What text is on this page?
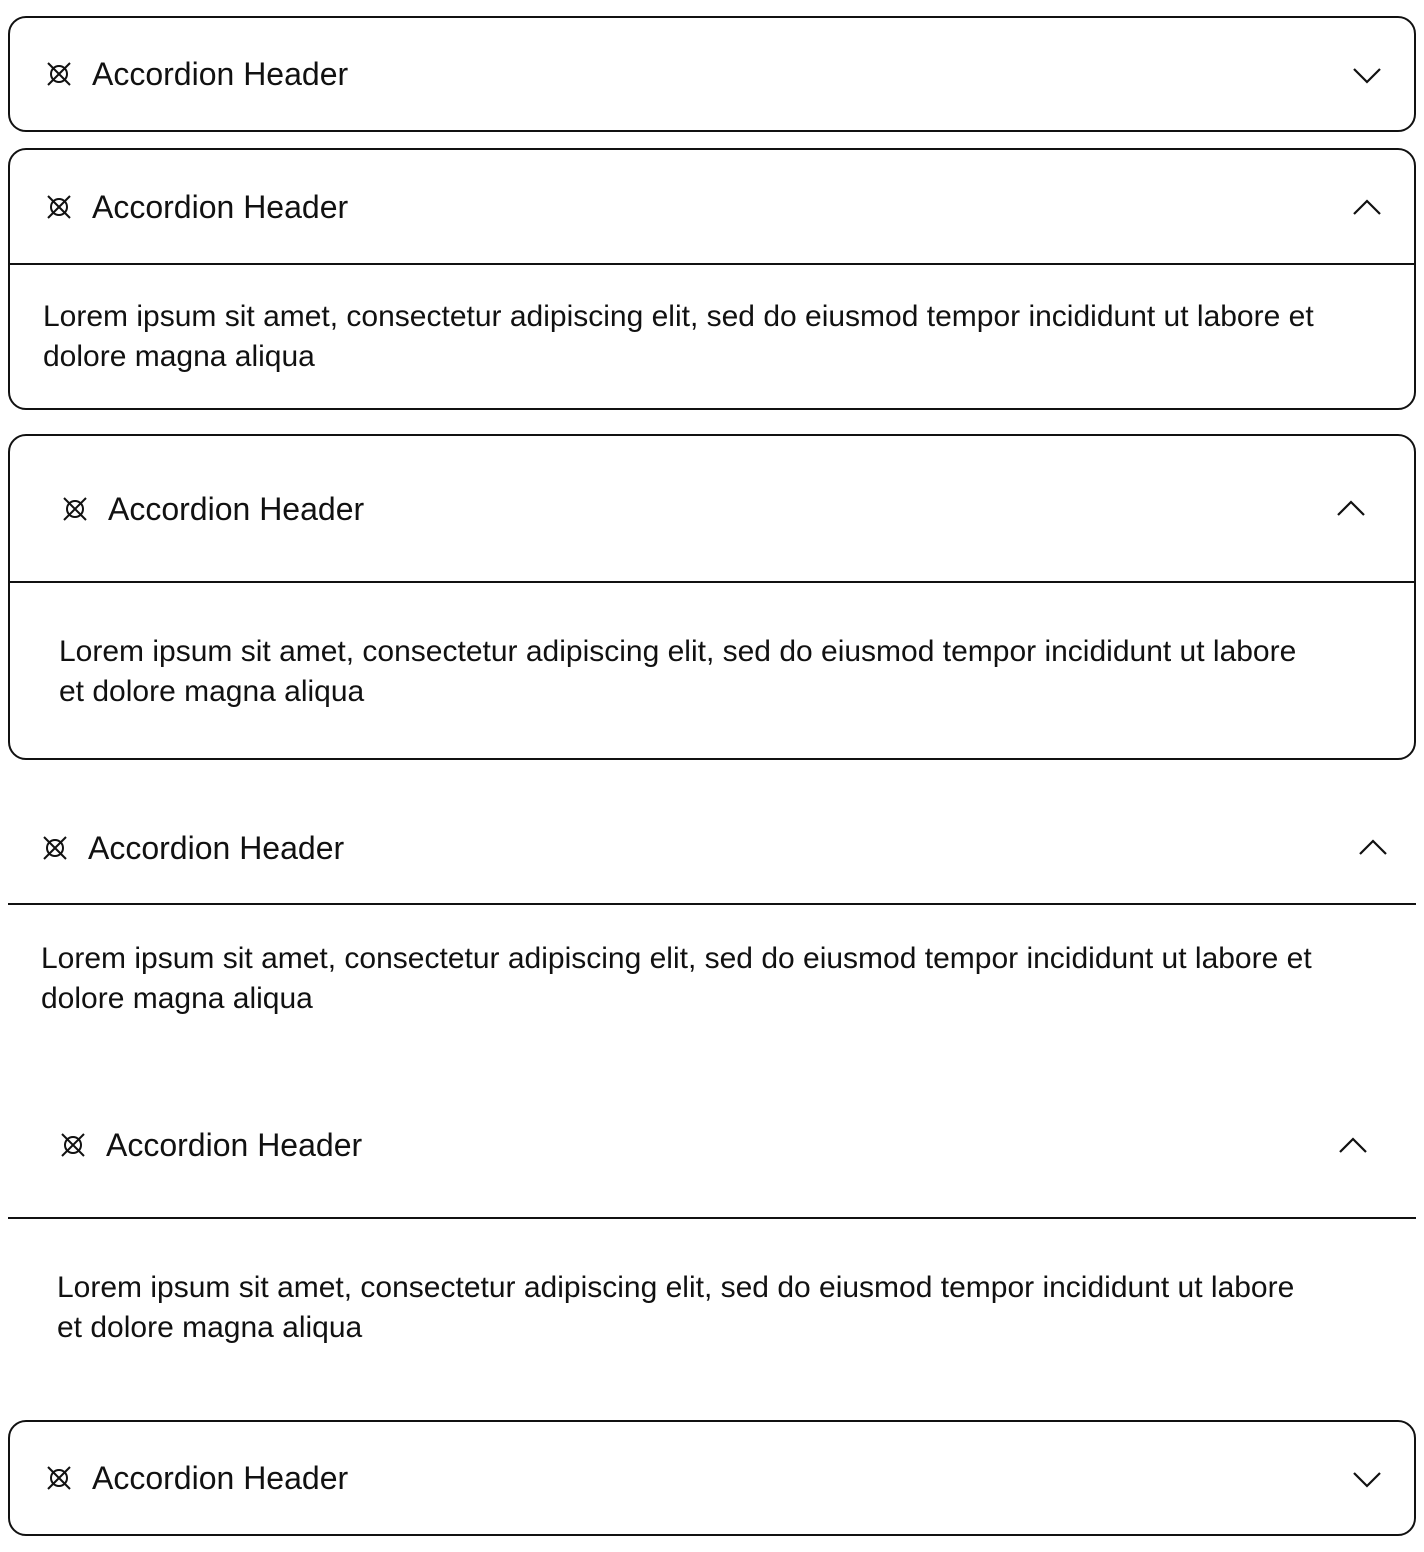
Accordion Header
Accordion Header

Lorem ipsum sit amet, consectetur adipiscing elit, sed do eiusmod tempor incididunt ut labore et dolore magna aliqua

Accordion Header

Lorem ipsum sit amet, consectetur adipiscing elit, sed do eiusmod tempor incididunt ut labore et dolore magna aliqua

Accordion Header

Lorem ipsum sit amet, consectetur adipiscing elit, sed do eiusmod tempor incididunt ut labore et dolore magna aliqua

Accordion Header

Lorem ipsum sit amet, consectetur adipiscing elit, sed do eiusmod tempor incididunt ut labore et dolore magna aliqua

Accordion Header
